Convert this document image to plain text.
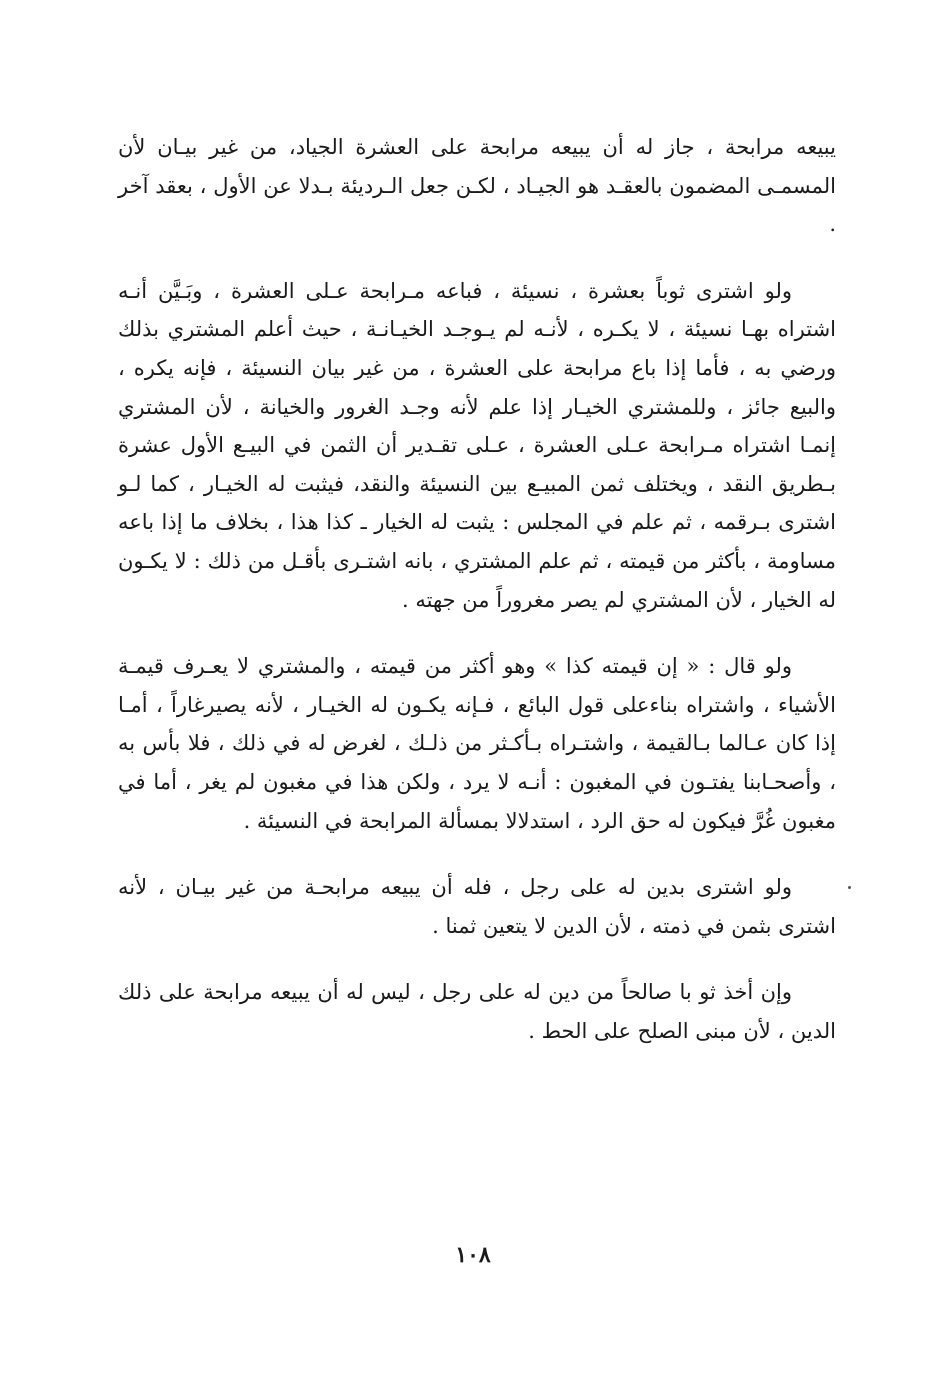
يبيعه مرابحة ، جاز له أن يبيعه مرابحة على العشرة الجياد، من غير بيـان لأن المسمـى المضمون بالعقـد هو الجيـاد ، لكـن جعل الـرديئة بـدلا عن الأول ، بعقد آخر .

ولو اشترى ثوباً بعشرة ، نسيئة ، فباعه مـرابحة عـلى العشرة ، وبَـيَّن أنـه اشتراه بهـا نسيئة ، لا يكـره ، لأنـه لم يـوجـد الخيـانـة ، حيث أعلم المشتري بذلك ورضي به ، فأما إذا باع مرابحة على العشرة ، من غير بيان النسيئة ، فإنه يكره ، والبيع جائز ، وللمشتري الخيـار إذا علم لأنه وجـد الغرور والخيانة ، لأن المشتري إنمـا اشتراه مـرابحة عـلى العشرة ، عـلى تقـدير أن الثمن في البيـع الأول عشرة بـطريق النقد ، ويختلف ثمن المبيـع بين النسيئة والنقد، فيثبت له الخيـار ، كما لـو اشترى بـرقمه ، ثم علم في المجلس : يثبت له الخيار ـ كذا هذا ، بخلاف ما إذا باعه مساومة ، بأكثر من قيمته ، ثم علم المشتري ، بانه اشتـرى بأقـل من ذلك : لا يكـون له الخيار ، لأن المشتري لم يصر مغروراً من جهته .

ولو قال : « إن قيمته كذا » وهو أكثر من قيمته ، والمشتري لا يعـرف قيمـة الأشياء ، واشتراه بناءعلى قول البائع ، فـإنه يكـون له الخيـار ، لأنه يصيرغاراً ، أمـا إذا كان عـالما بـالقيمة ، واشتـراه بـأكـثر من ذلـك ، لغرض له في ذلك ، فلا بأس به ، وأصحـابنا يفتـون في المغبون : أنـه لا يرد ، ولكن هذا في مغبون لم يغر ، أما في مغبون غُرَّ فيكون له حق الرد ، استدلالا بمسألة المرابحة في النسيئة .

ولو اشترى بدين له على رجل ، فله أن يبيعه مرابحـة من غير بيـان ، لأنه اشترى بثمن في ذمته ، لأن الدين لا يتعين ثمنا .

وإن أخذ ثو با صالحاً من دين له على رجل ، ليس له أن يبيعه مرابحة على ذلك الدين ، لأن مبنى الصلح على الحط .

١٠٨
